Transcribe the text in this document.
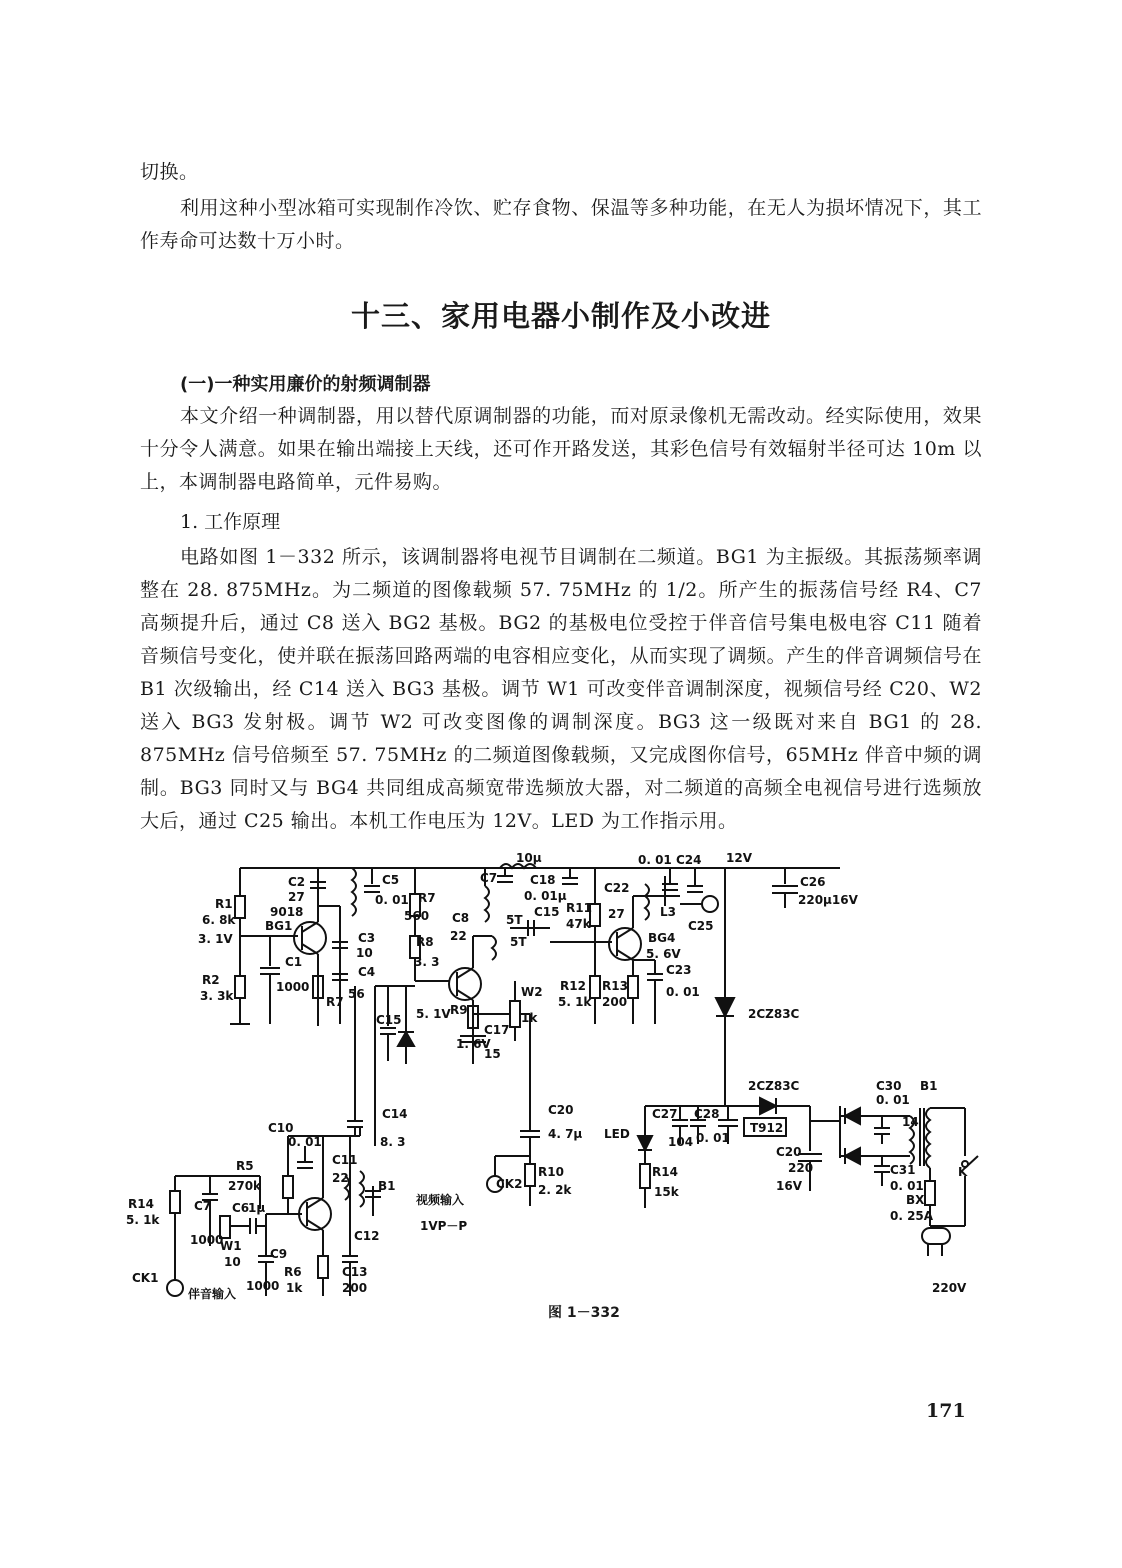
切换。

利用这种小型冰箱可实现制作冷饮、贮存食物、保温等多种功能，在无人为损坏情况下，其工作寿命可达数十万小时。

十三、家用电器小制作及小改进
(一)一种实用廉价的射频调制器

本文介绍一种调制器，用以替代原调制器的功能，而对原录像机无需改动。经实际使用，效果十分令人满意。如果在输出端接上天线，还可作开路发送，其彩色信号有效辐射半径可达 10m 以上，本调制器电路简单，元件易购。

1. 工作原理

电路如图 1－332 所示，该调制器将电视节目调制在二频道。BG1 为主振级。其振荡频率调整在 28. 875MHz。为二频道的图像载频 57. 75MHz 的 1/2。所产生的振荡信号经 R4、C7 高频提升后，通过 C8 送入 BG2 基极。BG2 的基极电位受控于伴音信号集电极电容 C11 随着音频信号变化，使并联在振荡回路两端的电容相应变化，从而实现了调频。产生的伴音调频信号在 B1 次级输出，经 C14 送入 BG3 基极。调节 W1 可改变伴音调制深度，视频信号经 C20、W2 送入 BG3 发射极。调节 W2 可改变图像的调制深度。BG3 这一级既对来自 BG1 的 28. 875MHz 信号倍频至 57. 75MHz 的二频道图像载频，又完成图你信号，65MHz 伴音中频的调制。BG3 同时又与 BG4 共同组成高频宽带选频放大器，对二频道的高频全电视信号进行选频放大后，通过 C25 输出。本机工作电压为 12V。LED 为工作指示用。

R1
6. 8k
3. 1V
9018
BG1
C1
1000
R2
3. 3k
C2
27
C5
0. 01
C3
10
C4
56
R7
R7
560
R8
3. 3
C7
C8
22
5T
5T
C15
10μ
C18
0. 01μ
R11
47k
0. 01 C24 12V
C22
27	L3
C25
C26
220μ16V
BG4
5. 6V
R12
5. 1k
R13
200
C23
0. 01
W2
1k
R9
C17
15
C15 5. 1V
1. 6V
2CZ83C
2CZ83C
LED
C27 C28
0. 01
104
R14
15k
T912
C20
220
16V
C30
0. 01
14
B1
C31
0. 01
K
BX
0. 25A
220V
C10
0. 01
R5
270k
C6
1μ
R14
5. 1k
C7
1000
W1
10
C9
1000
R6
1k
C11
22
C12
B1
C13
200
C14
8. 3
C20
4. 7μ
CK2
R10
2. 2k
视频输入
1VP－P
CK1
伴音输入
图 1－332
171
